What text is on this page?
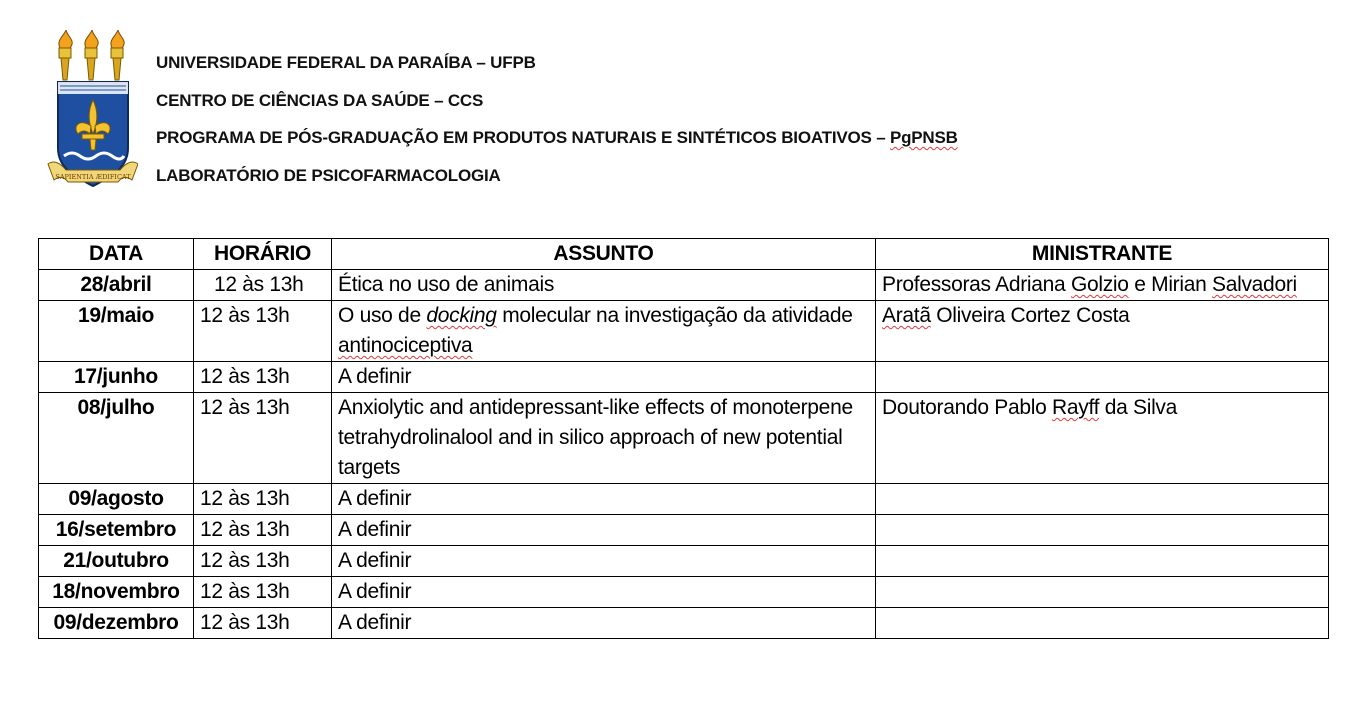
SAPIENTIA ÆDIFICAT
UNIVERSIDADE FEDERAL DA PARAÍBA – UFPB
CENTRO DE CIÊNCIAS DA SAÚDE – CCS
PROGRAMA DE PÓS-GRADUAÇÃO EM PRODUTOS NATURAIS E SINTÉTICOS BIOATIVOS – PgPNSB
LABORATÓRIO DE PSICOFARMACOLOGIA
DATA	HORÁRIO	ASSUNTO	MINISTRANTE
28/abril	12 às 13h	Ética no uso de animais	Professoras Adriana Golzio e Mirian Salvadori
19/maio	12 às 13h	O uso de docking molecular na investigação da atividade antinociceptiva	Aratã Oliveira Cortez Costa
17/junho	12 às 13h	A definir	
08/julho	12 às 13h	Anxiolytic and antidepressant-like effects of monoterpene tetrahydrolinalool and in silico approach of new potential targets	Doutorando Pablo Rayff da Silva
09/agosto	12 às 13h	A definir	
16/setembro	12 às 13h	A definir	
21/outubro	12 às 13h	A definir	
18/novembro	12 às 13h	A definir	
09/dezembro	12 às 13h	A definir	
